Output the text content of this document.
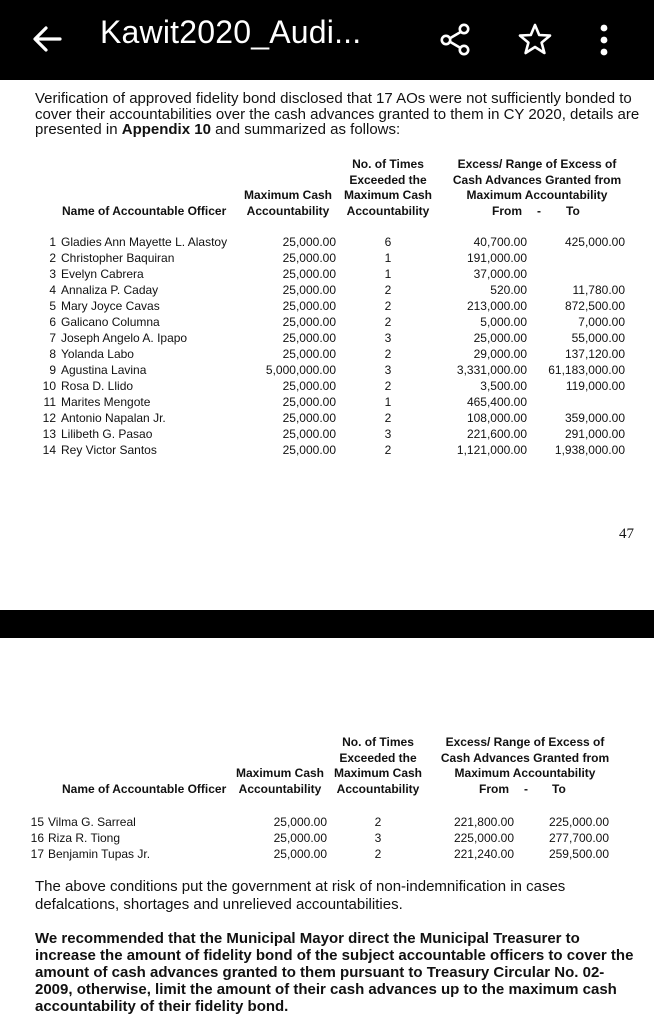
Kawit2020_Audi...

Verification of approved fidelity bond disclosed that 17 AOs were not sufficiently bonded to cover their accountabilities over the cash advances granted to them in CY 2020, details are presented in Appendix 10 and summarized as follows:

No. of Times
Exceeded the
Maximum Cash
Accountability
Maximum Cash
Accountability
Name of Accountable Officer
Excess/ Range of Excess of
Cash Advances Granted from
Maximum Accountability
From - To
1 Gladies Ann Mayette L. Alastoy	25,000.00	6	40,700.00	425,000.00
2 Christopher Baquiran	25,000.00	1	191,000.00
3 Evelyn Cabrera	25,000.00	1	37,000.00
4 Annaliza P. Caday	25,000.00	2	520.00	11,780.00
5 Mary Joyce Cavas	25,000.00	2	213,000.00	872,500.00
6 Galicano Columna	25,000.00	2	5,000.00	7,000.00
7 Joseph Angelo A. Ipapo	25,000.00	3	25,000.00	55,000.00
8 Yolanda Labo	25,000.00	2	29,000.00	137,120.00
9 Agustina Lavina	5,000,000.00	3	3,331,000.00 61,183,000.00
10 Rosa D. Llido	25,000.00	2	3,500.00	119,000.00
11 Marites Mengote	25,000.00	1	465,400.00
12 Antonio Napalan Jr.	25,000.00	2	108,000.00	359,000.00
13 Lilibeth G. Pasao	25,000.00	3	221,600.00	291,000.00
14 Rey Victor Santos	25,000.00	2	1,121,000.00 1,938,000.00
47
No. of Times
Exceeded the
Maximum Cash
Accountability
Maximum Cash
Accountability
Name of Accountable Officer
Excess/ Range of Excess of
Cash Advances Granted from
Maximum Accountability
From - To
15 Vilma G. Sarreal	25,000.00	2	221,800.00	225,000.00
16 Riza R. Tiong	25,000.00	3	225,000.00	277,700.00
17 Benjamin Tupas Jr.	25,000.00	2	221,240.00	259,500.00

The above conditions put the government at risk of non-indemnification in cases defalcations, shortages and unrelieved accountabilities.

We recommended that the Municipal Mayor direct the Municipal Treasurer to increase the amount of fidelity bond of the subject accountable officers to cover the amount of cash advances granted to them pursuant to Treasury Circular No. 02-2009, otherwise, limit the amount of their cash advances up to the maximum cash accountability of their fidelity bond.
